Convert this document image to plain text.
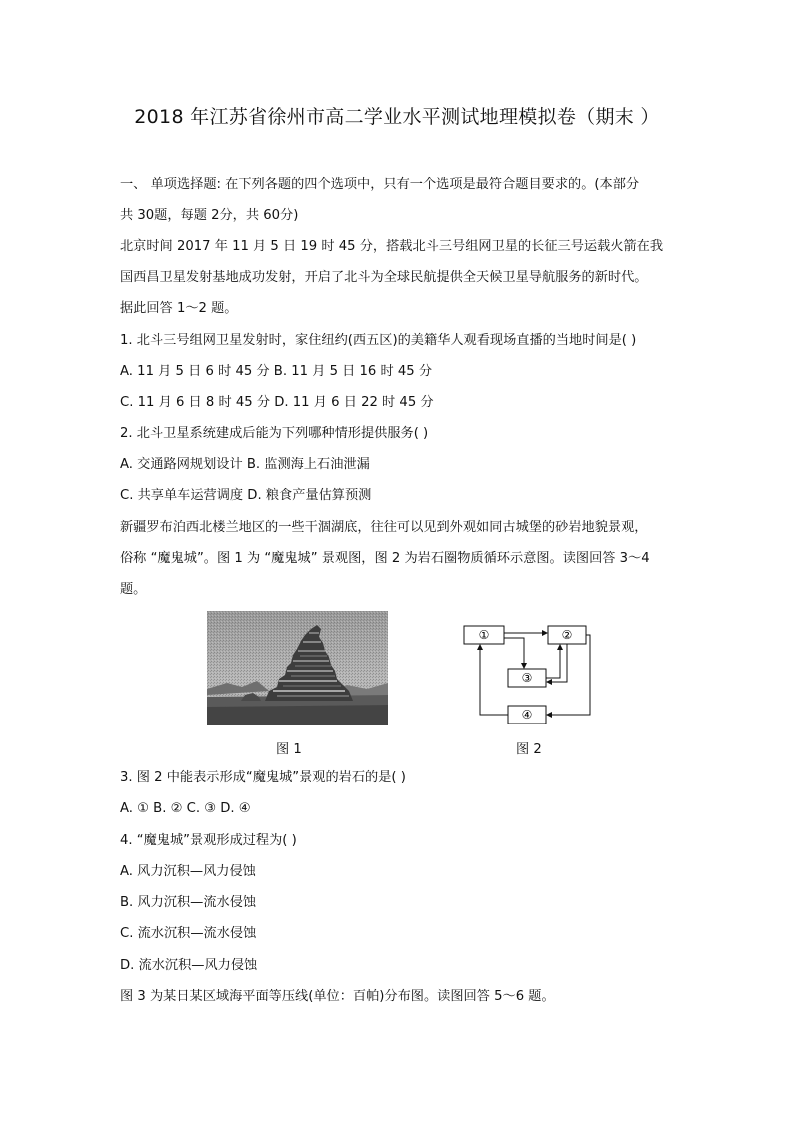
2018 年江苏省徐州市高二学业水平测试地理模拟卷（期末 ）
一、 单项选择题: 在下列各题的四个选项中，只有一个选项是最符合题目要求的。(本部分
共 30题，每题 2分，共 60分)
北京时间 2017 年 11 月 5 日 19 时 45 分，搭载北斗三号组网卫星的长征三号运载火箭在我
国西昌卫星发射基地成功发射，开启了北斗为全球民航提供全天候卫星导航服务的新时代。
据此回答 1～2 题。
1. 北斗三号组网卫星发射时，家住纽约(西五区)的美籍华人观看现场直播的当地时间是( )
A. 11 月 5 日 6 时 45 分 B. 11 月 5 日 16 时 45 分
C. 11 月 6 日 8 时 45 分 D. 11 月 6 日 22 时 45 分
2. 北斗卫星系统建成后能为下列哪种情形提供服务( )
A. 交通路网规划设计 B. 监测海上石油泄漏
C. 共享单车运营调度 D. 粮食产量估算预测
新疆罗布泊西北楼兰地区的一些干涸湖底，往往可以见到外观如同古城堡的砂岩地貌景观，
俗称 “魔鬼城”。图 1 为 “魔鬼城” 景观图，图 2 为岩石圈物质循环示意图。读图回答 3～4
题。
①	②
③
④
图 1	图 2
3. 图 2 中能表示形成“魔鬼城”景观的岩石的是( )
A. ① B. ② C. ③ D. ④
4. “魔鬼城”景观形成过程为( )
A. 风力沉积—风力侵蚀
B. 风力沉积—流水侵蚀
C. 流水沉积—流水侵蚀
D. 流水沉积—风力侵蚀
图 3 为某日某区域海平面等压线(单位：百帕)分布图。读图回答 5～6 题。
